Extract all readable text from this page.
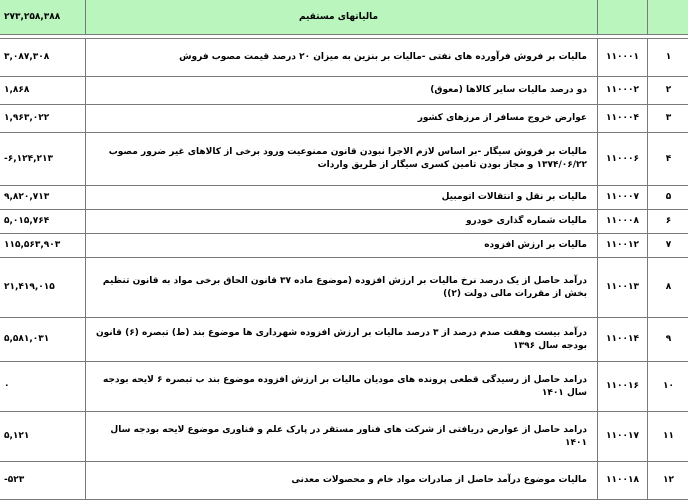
۲۷۳,۲۵۸,۳۸۸	مالیاتهای مستقیم		

۳,۰۸۷,۳۰۸	مالیات بر فروش فرآورده های نفتی -مالیات بر بنزین به میزان ۲۰ درصد قیمت مصوب فروش	۱۱۰۰۰۱	۱
۱,۸۶۸	دو درصد مالیات سایر کالاها (معوق)	۱۱۰۰۰۲	۲
۱,۹۶۳,۰۲۲	عوارض خروج مسافر از مرزهای کشور	۱۱۰۰۰۴	۳
-۶,۱۲۴,۲۱۳	مالیات بر فروش سیگار -بر اساس لازم الاجرا نبودن قانون ممنوعیت ورود برخی از کالاهای غیر ضرور مصوب ۱۳۷۴/۰۶/۲۲ و مجاز بودن تامین کسری سیگار از طریق واردات	۱۱۰۰۰۶	۴
۹,۸۲۰,۷۱۳	مالیات بر نقل و انتقالات اتومبیل	۱۱۰۰۰۷	۵
۵,۰۱۵,۷۶۴	مالیات شماره گذاری خودرو	۱۱۰۰۰۸	۶
۱۱۵,۵۶۳,۹۰۳	مالیات بر ارزش افزوده	۱۱۰۰۱۲	۷
۲۱,۴۱۹,۰۱۵	درآمد حاصل از یک درصد نرخ مالیات بر ارزش افزوده (موضوع ماده ۳۷ قانون الحاق برخی مواد به قانون تنظیم بخش از مقررات مالی دولت (۲))	۱۱۰۰۱۳	۸
۵,۵۸۱,۰۳۱	درآمد بیست وهفت صدم درصد از ۳ درصد مالیات بر ارزش افزوده شهرداری ها موضوع بند (ط) تبصره (۶) قانون بودجه سال ۱۳۹۶	۱۱۰۰۱۴	۹
۰	درامد حاصل از رسیدگی قطعی پرونده های مودیان مالیات بر ارزش افزوده موضوع بند ب تبصره ۶ لایحه بودجه سال ۱۴۰۱	۱۱۰۰۱۶	۱۰
۵,۱۲۱	درامد حاصل از عوارض دریافتی از شرکت های فناور مستقر در پارک علم و فناوری موضوع لایحه بودجه سال ۱۴۰۱	۱۱۰۰۱۷	۱۱
-۵۲۳	مالیات موضوع درآمد حاصل از صادرات مواد خام و محصولات معدنی	۱۱۰۰۱۸	۱۲
